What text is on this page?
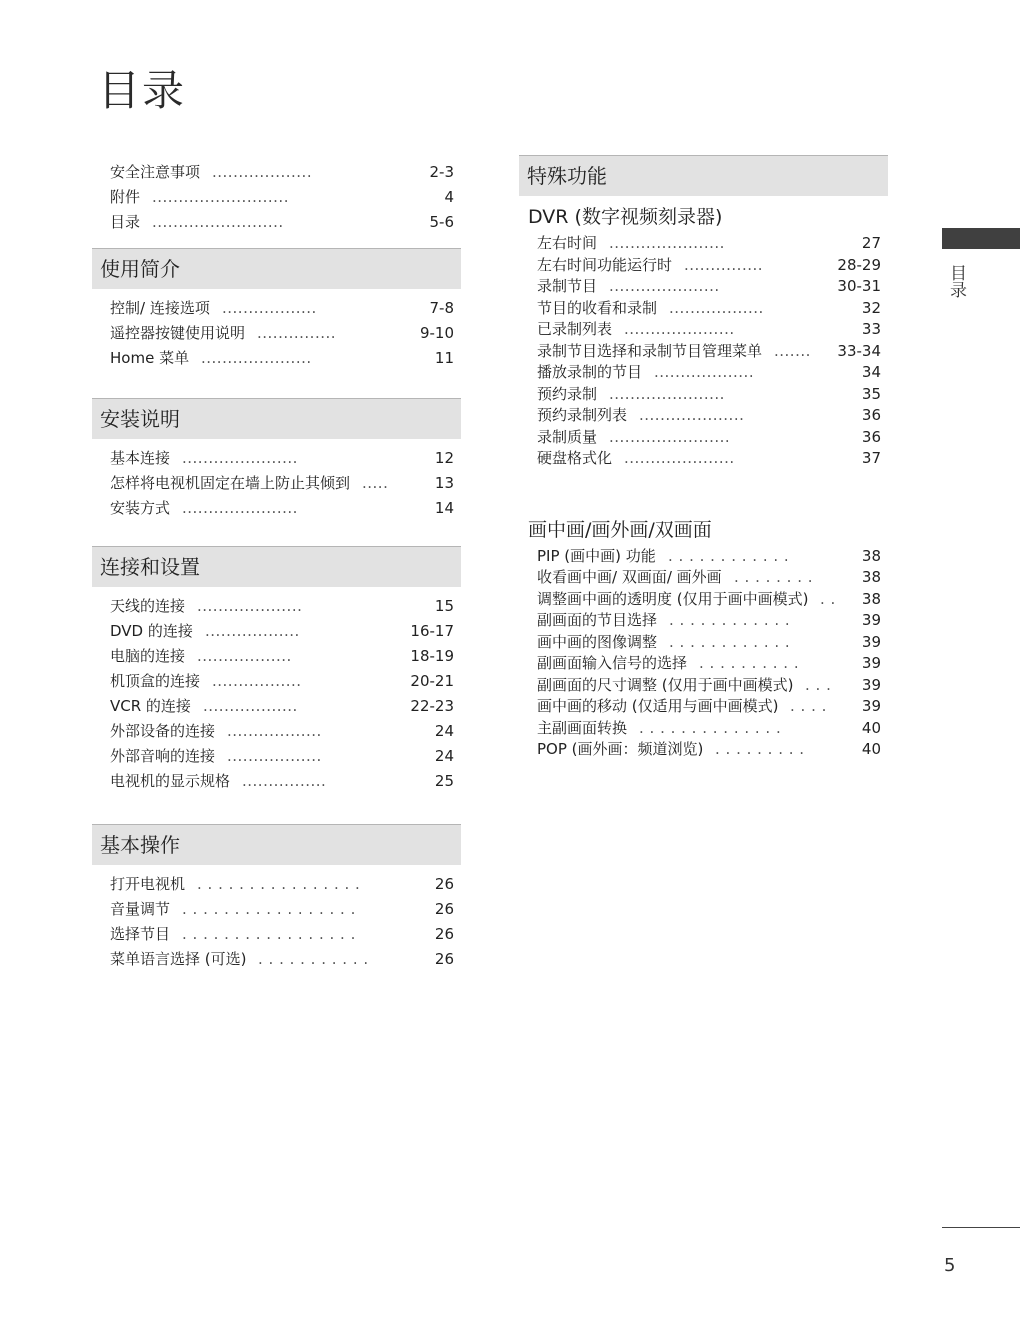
目录
目录
安全注意事项 ...................	2-3
附件 ..........................	4
目录 .........................	5-6
使用简介
控制/ 连接选项 ..................	7-8
遥控器按键使用说明 ...............	9-10
Home 菜单 .....................	11
安装说明
基本连接 ......................	12
怎样将电视机固定在墙上防止其倾到 .....	13
安装方式 ......................	14
连接和设置
天线的连接 ....................	15
DVD 的连接 ..................	16-17
电脑的连接 ..................	18-19
机顶盒的连接 .................	20-21
VCR 的连接 ..................	22-23
外部设备的连接 ..................	24
外部音响的连接 ..................	24
电视机的显示规格 ................	25
基本操作
打开电视机 . . . . . . . . . . . . . . . .	26
音量调节 . . . . . . . . . . . . . . . . .	26
选择节目 . . . . . . . . . . . . . . . . .	26
菜单语言选择 (可选) . . . . . . . . . . .	26
特殊功能
DVR (数字视频刻录器)
左右时间 ......................	27
左右时间功能运行时 ...............	28-29
录制节目 .....................	30-31
节目的收看和录制 ..................	32
已录制列表 .....................	33
录制节目选择和录制节目管理菜单 ....... 33-34
播放录制的节目 ...................	34
预约录制 ......................	35
预约录制列表 ....................	36
录制质量 .......................	36
硬盘格式化 .....................	37
画中画/画外画/双画面
PIP (画中画) 功能 . . . . . . . . . . . .	38
收看画中画/ 双画面/ 画外画 . . . . . . . .	38
调整画中画的透明度 (仅用于画中画模式) . . 38
副画面的节目选择 . . . . . . . . . . . .	39
画中画的图像调整 . . . . . . . . . . . .	39
副画面输入信号的选择 . . . . . . . . . .	39
副画面的尺寸调整 (仅用于画中画模式) . . . 39
画中画的移动 (仅适用与画中画模式) . . . . 39
主副画面转换 . . . . . . . . . . . . . .	40
POP (画外画：频道浏览) . . . . . . . . .	40
5
